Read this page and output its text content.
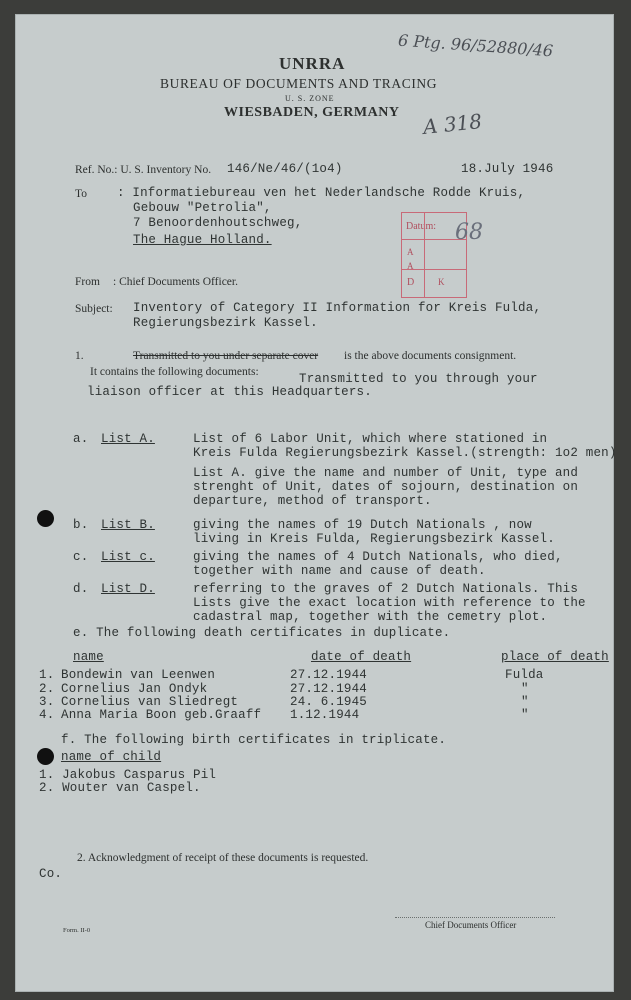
6 Ptg. 96/52880/46
A 318
UNRRA
BUREAU OF DOCUMENTS AND TRACING
U. S. ZONE
WIESBADEN, GERMANY
Ref. No.: U. S. Inventory No. 146/Ne/46/(1o4)	18.July 1946
To : Informatiebureau ven het Nederlandsche Rodde Kruis,
Gebouw "Petrolia",
7 Benoordenhoutschweg,
The Hague Holland.
Datum:
A
A
D	K
68
From : Chief Documents Officer.
Subject: Inventory of Category II Information for Kreis Fulda,
Regierungsbezirk Kassel.
1.	Transmitted to you under separate cover is the above documents consignment.
It contains the following documents:	Transmitted to you through your
liaison officer at this Headquarters.
a. List A.	List of 6 Labor Unit, which where stationed in
Kreis Fulda Regierungsbezirk Kassel.(strength: 1o2 men)
List A. give the name and number of Unit, type and
strenght of Unit, dates of sojourn, destination on
departure, method of transport.
b. List B.	giving the names of 19 Dutch Nationals , now
living in Kreis Fulda, Regierungsbezirk Kassel.
c. List c.	giving the names of 4 Dutch Nationals, who died,
together with name and cause of death.
d. List D.	referring to the graves of 2 Dutch Nationals. This
Lists give the exact location with reference to the
cadastral map, together with the cemetry plot.
e. The following death certificates in duplicate.
name	date of death	place of death
1. Bondewin van Leenwen	27.12.1944	Fulda
2. Cornelius Jan Ondyk	27.12.1944	"
3. Cornelius van Sliedregt	24. 6.1945	"
4. Anna Maria Boon geb.Graaff 1.12.1944	"
f. The following birth certificates in triplicate.
name of child
1. Jakobus Casparus Pil
2. Wouter van Caspel.
2. Acknowledgment of receipt of these documents is requested.
Co.
Chief Documents Officer
Form. II-0
